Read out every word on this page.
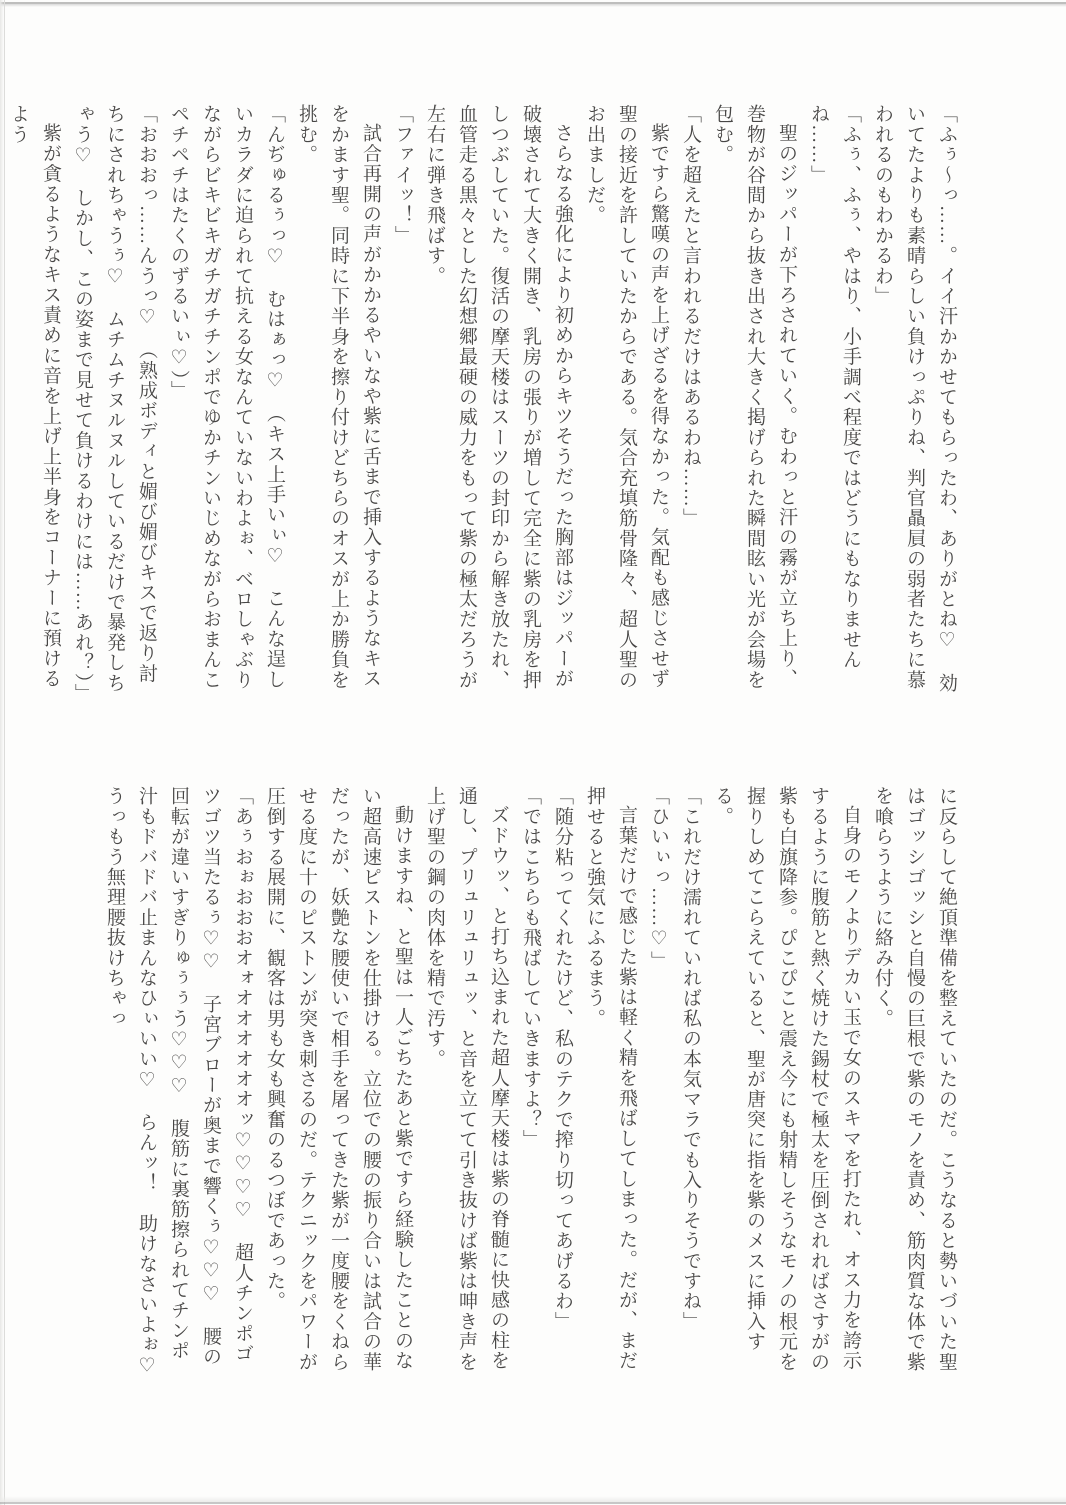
「ふぅ〜っ……。イイ汗かかせてもらったわ、ありがとね♡　効いてたよりも素晴らしい負けっぷりね、判官贔屓の弱者たちに慕われるのもわかるわ」

「ふぅ、ふぅ、やはり、小手調べ程度ではどうにもなりませんね……」

聖のジッパーが下ろされていく。むわっと汗の霧が立ち上り、巻物が谷間から抜き出され大きく掲げられた瞬間眩い光が会場を包む。

「人を超えたと言われるだけはあるわね……」

紫ですら驚嘆の声を上げざるを得なかった。気配も感じさせず聖の接近を許していたからである。気合充填筋骨隆々、超人聖のお出ましだ。

さらなる強化により初めからキツそうだった胸部はジッパーが破壊されて大きく開き、乳房の張りが増して完全に紫の乳房を押しつぶしていた。復活の摩天楼はスーツの封印から解き放たれ、血管走る黒々とした幻想郷最硬の威力をもって紫の極太だろうが左右に弾き飛ばす。

「ファイッ！」

試合再開の声がかかるやいなや紫に舌まで挿入するようなキスをかます聖。同時に下半身を擦り付けどちらのオスが上か勝負を挑む。

「んぢゅるぅっ♡　むはぁっ♡　（キス上手いぃ♡　こんな逞しいカラダに迫られて抗える女なんていないわよぉ、ベロしゃぶりながらビキビキガチガチチンポでゆかチンいじめながらおまんこペチペチはたくのずるいぃ♡）」

「おおおっ……んうっ♡　（熟成ボディと媚び媚びキスで返り討ちにされちゃうぅ♡　ムチムチヌルヌルしているだけで暴発しちゃう♡　しかし、この姿まで見せて負けるわけには……あれ？）」

紫が貪るようなキス責めに音を上げ上半身をコーナーに預けるよう

に反らして絶頂準備を整えていたのだ。こうなると勢いづいた聖はゴッシゴッシと自慢の巨根で紫のモノを責め、筋肉質な体で紫を喰らうように絡み付く。

自身のモノよりデカい玉で女のスキマを打たれ、オス力を誇示するように腹筋と熱く焼けた錫杖で極太を圧倒されればさすがの紫も白旗降参。ぴこぴこと震え今にも射精しそうなモノの根元を握りしめてこらえていると、聖が唐突に指を紫のメスに挿入する。

「これだけ濡れていれば私の本気マラでも入りそうですね」

「ひいぃっ……♡」

言葉だけで感じた紫は軽く精を飛ばしてしまった。だが、まだ押せると強気にふるまう。

「随分粘ってくれたけど、私のテクで搾り切ってあげるわ」

「ではこちらも飛ばしていきますよ？」

ズドウッ、と打ち込まれた超人摩天楼は紫の脊髄に快感の柱を通し、プリュリュリュッ、と音を立てて引き抜けば紫は呻き声を上げ聖の鋼の肉体を精で汚す。

動けますね、と聖は一人ごちたあと紫ですら経験したことのない超高速ピストンを仕掛ける。立位での腰の振り合いは試合の華だったが、妖艶な腰使いで相手を屠ってきた紫が一度腰をくねらせる度に十のピストンが突き刺さるのだ。テクニックをパワーが圧倒する展開に、観客は男も女も興奮のるつぼであった。

「あぅおぉおおおオォオオオオオオッ♡♡♡♡　超人チンポゴツゴツ当たるぅ♡♡　子宮ブローが奥まで響くぅ♡♡♡　腰の回転が違いすぎりゅぅぅう♡♡♡　腹筋に裏筋擦られてチンポ汁もドバドバ止まんなひぃいい♡　らんッ！　助けなさいよぉ♡　うっもう無理腰抜けちゃっ
